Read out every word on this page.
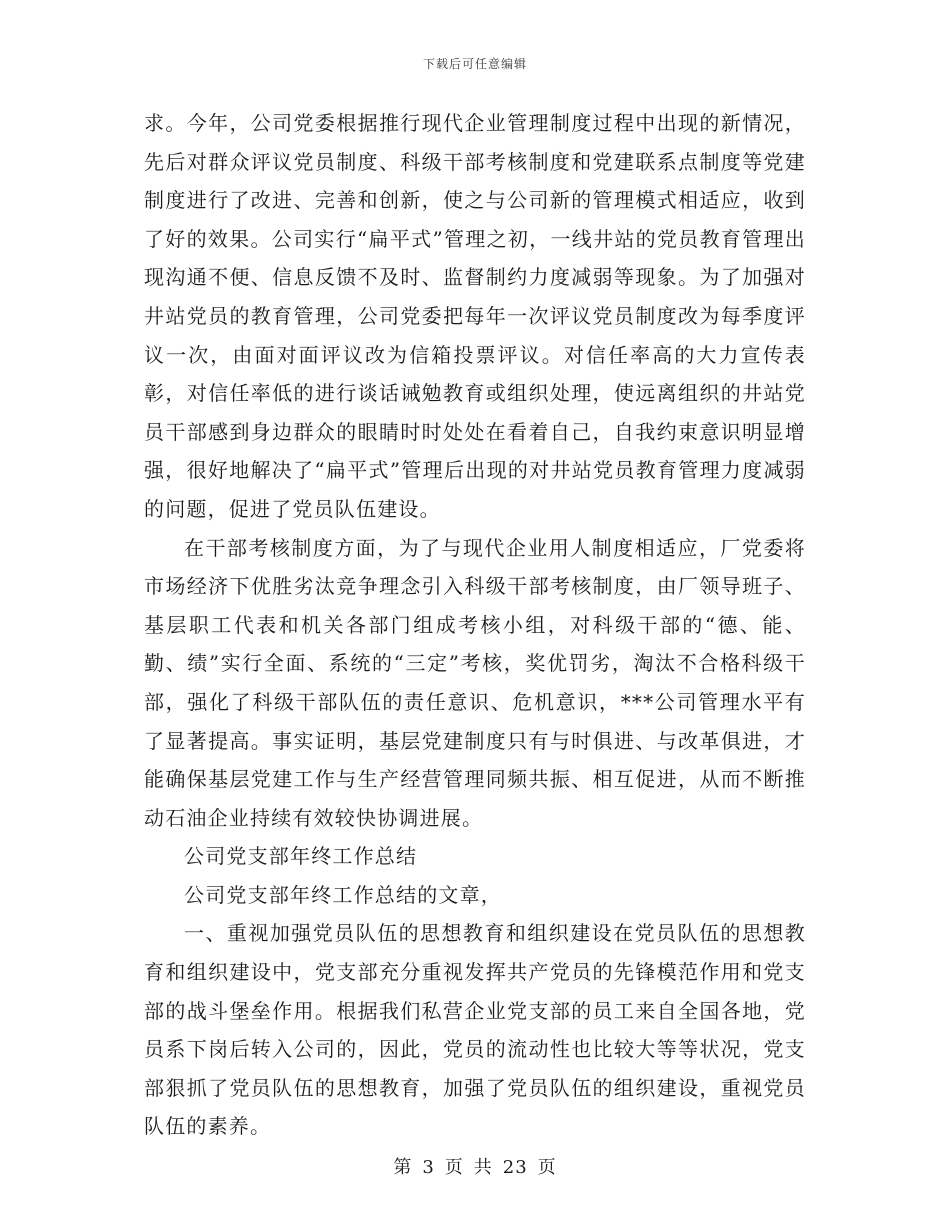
下载后可任意编辑

求。今年，公司党委根据推行现代企业管理制度过程中出现的新情况，先后对群众评议党员制度、科级干部考核制度和党建联系点制度等党建制度进行了改进、完善和创新，使之与公司新的管理模式相适应，收到了好的效果。公司实行“扁平式”管理之初，一线井站的党员教育管理出现沟通不便、信息反馈不及时、监督制约力度减弱等现象。为了加强对井站党员的教育管理，公司党委把每年一次评议党员制度改为每季度评议一次，由面对面评议改为信箱投票评议。对信任率高的大力宣传表彰，对信任率低的进行谈话诫勉教育或组织处理，使远离组织的井站党员干部感到身边群众的眼睛时时处处在看着自己，自我约束意识明显增强，很好地解决了“扁平式”管理后出现的对井站党员教育管理力度减弱的问题，促进了党员队伍建设。

在干部考核制度方面，为了与现代企业用人制度相适应，厂党委将市场经济下优胜劣汰竞争理念引入科级干部考核制度，由厂领导班子、基层职工代表和机关各部门组成考核小组，对科级干部的“德、能、勤、绩”实行全面、系统的“三定”考核，奖优罚劣，淘汰不合格科级干部，强化了科级干部队伍的责任意识、危机意识，***公司管理水平有了显著提高。事实证明，基层党建制度只有与时俱进、与改革俱进，才能确保基层党建工作与生产经营管理同频共振、相互促进，从而不断推动石油企业持续有效较快协调进展。

公司党支部年终工作总结

公司党支部年终工作总结的文章，

一、重视加强党员队伍的思想教育和组织建设在党员队伍的思想教育和组织建设中，党支部充分重视发挥共产党员的先锋模范作用和党支部的战斗堡垒作用。根据我们私营企业党支部的员工来自全国各地，党员系下岗后转入公司的，因此，党员的流动性也比较大等等状况，党支部狠抓了党员队伍的思想教育，加强了党员队伍的组织建设，重视党员队伍的素养。

第 3 页 共 23 页
